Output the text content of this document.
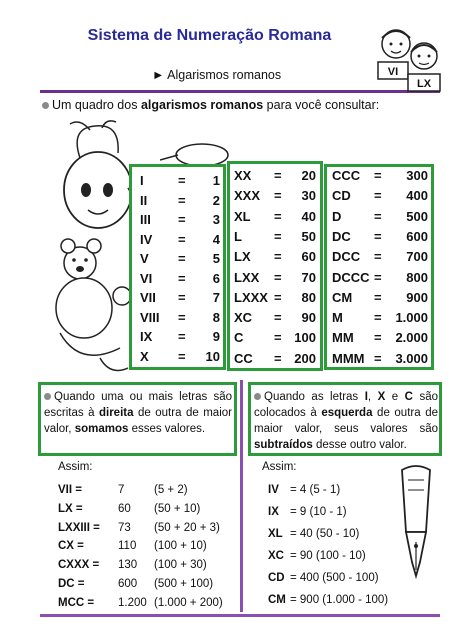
Sistema de Numeração Romana
► Algarismos romanos	VI
LX
Um quadro dos algarismos romanos para você consultar:
I	= 1
II = 2
III = 3
IV = 4
V = 5
VI = 6
VII = 7
VIII = 8
IX = 9
X = 10
XX = 20
XXX = 30
XL = 40
L = 50
LX = 60
LXX = 70
LXXX = 80
XC = 90
C = 100
CC = 200
CCC = 300
CD = 400
D	= 500
DC = 600
DCC = 700
DCCC = 800
CM = 900
M = 1.000
MM = 2.000
MMM = 3.000
Quando uma ou mais letras são escritas à direita de outra de maior valor, somamos esses valores.
Quando as letras I, X e C são colocados à esquerda de outra de maior valor, seus valores são subtraídos desse outro valor.
Assim:
VII =	7	(5 + 2)
LX =	60 (50 + 10)
LXXIII = 73 (50 + 20 + 3)
CX =	110 (100 + 10)
CXXX = 130 (100 + 30)
DC =	600 (500 + 100)
MCC = 1.200 (1.000 + 200)
Assim:
IV = 4 (5 - 1)
IX = 9 (10 - 1)
XL = 40 (50 - 10)
XC = 90 (100 - 10)
CD = 400 (500 - 100)
CM = 900 (1.000 - 100)
